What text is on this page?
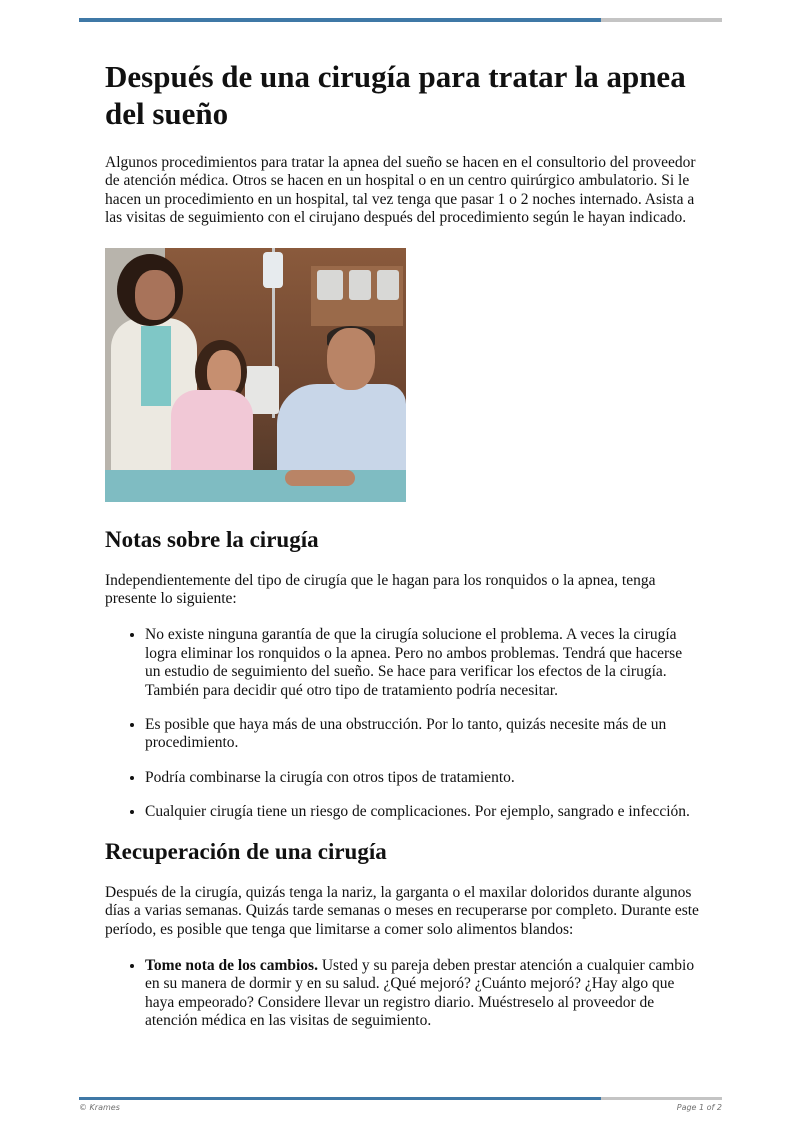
Después de una cirugía para tratar la apnea del sueño

Algunos procedimientos para tratar la apnea del sueño se hacen en el consultorio del proveedor de atención médica. Otros se hacen en un hospital o en un centro quirúrgico ambulatorio. Si le hacen un procedimiento en un hospital, tal vez tenga que pasar 1 o 2 noches internado. Asista a las visitas de seguimiento con el cirujano después del procedimiento según le hayan indicado.

Notas sobre la cirugía

Independientemente del tipo de cirugía que le hagan para los ronquidos o la apnea, tenga presente lo siguiente:

• No existe ninguna garantía de que la cirugía solucione el problema. A veces la cirugía logra eliminar los ronquidos o la apnea. Pero no ambos problemas. Tendrá que hacerse un estudio de seguimiento del sueño. Se hace para verificar los efectos de la cirugía. También para decidir qué otro tipo de tratamiento podría necesitar.
• Es posible que haya más de una obstrucción. Por lo tanto, quizás necesite más de un procedimiento.
• Podría combinarse la cirugía con otros tipos de tratamiento.
• Cualquier cirugía tiene un riesgo de complicaciones. Por ejemplo, sangrado e infección.
Recuperación de una cirugía

Después de la cirugía, quizás tenga la nariz, la garganta o el maxilar doloridos durante algunos días a varias semanas. Quizás tarde semanas o meses en recuperarse por completo. Durante este período, es posible que tenga que limitarse a comer solo alimentos blandos:

• Tome nota de los cambios. Usted y su pareja deben prestar atención a cualquier cambio en su manera de dormir y en su salud. ¿Qué mejoró? ¿Cuánto mejoró? ¿Hay algo que haya empeorado? Considere llevar un registro diario. Muéstreselo al proveedor de atención médica en las visitas de seguimiento.
© Krames	Page 1 of 2
